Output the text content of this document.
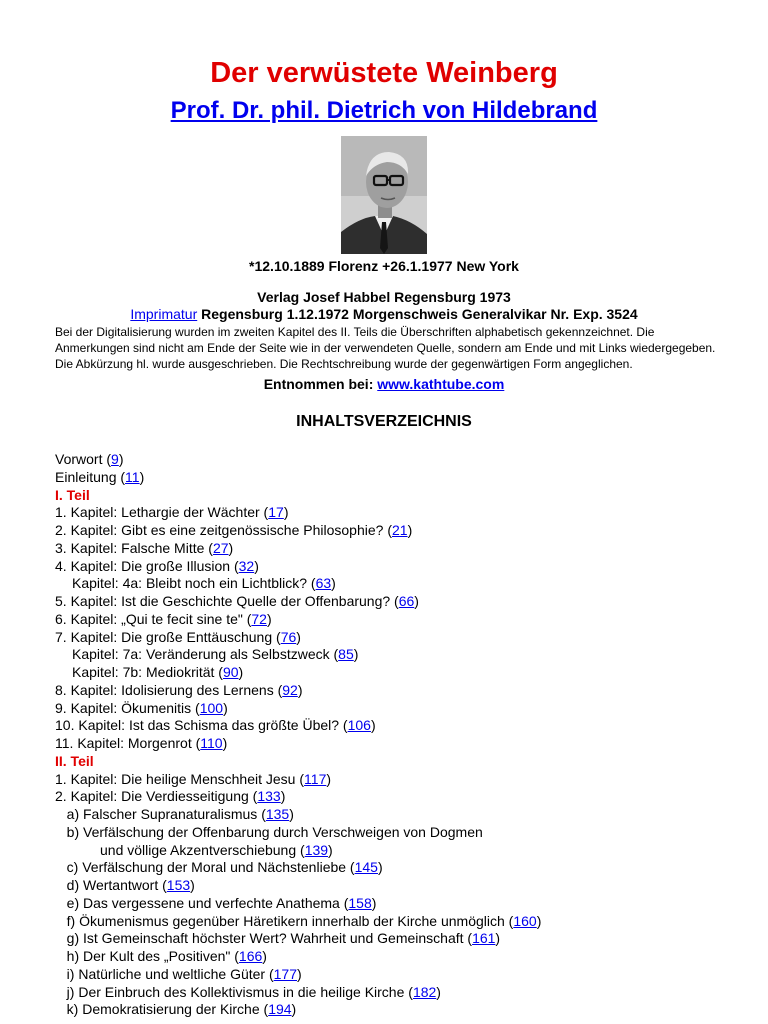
Der verwüstete Weinberg
Prof. Dr. phil. Dietrich von Hildebrand
*12.10.1889 Florenz +26.1.1977 New York
Verlag Josef Habbel Regensburg 1973
Imprimatur Regensburg 1.12.1972 Morgenschweis Generalvikar Nr. Exp. 3524

Bei der Digitalisierung wurden im zweiten Kapitel des II. Teils die Überschriften alphabetisch gekennzeichnet. Die Anmerkungen sind nicht am Ende der Seite wie in der verwendeten Quelle, sondern am Ende und mit Links wiedergegeben. Die Abkürzung hl. wurde ausgeschrieben. Die Rechtschreibung wurde der gegenwärtigen Form angeglichen.

Entnommen bei: www.kathtube.com
INHALTSVERZEICHNIS
Vorwort (9)
Einleitung (11)
I. Teil
1. Kapitel: Lethargie der Wächter (17)
2. Kapitel: Gibt es eine zeitgenössische Philosophie? (21)
3. Kapitel: Falsche Mitte (27)
4. Kapitel: Die große Illusion (32)
Kapitel: 4a: Bleibt noch ein Lichtblick? (63)
5. Kapitel: Ist die Geschichte Quelle der Offenbarung? (66)
6. Kapitel: „Qui te fecit sine te" (72)
7. Kapitel: Die große Enttäuschung (76)
Kapitel: 7a: Veränderung als Selbstzweck (85)
Kapitel: 7b: Mediokrität (90)
8. Kapitel: Idolisierung des Lernens (92)
9. Kapitel: Ökumenitis (100)
10. Kapitel: Ist das Schisma das größte Übel? (106)
11. Kapitel: Morgenrot (110)
II. Teil
1. Kapitel: Die heilige Menschheit Jesu (117)
2. Kapitel: Die Verdiesseitigung (133)
a) Falscher Supranaturalismus (135)
b) Verfälschung der Offenbarung durch Verschweigen von Dogmen
und völlige Akzentverschiebung (139)
c) Verfälschung der Moral und Nächstenliebe (145)
d) Wertantwort (153)
e) Das vergessene und verfechte Anathema (158)
f) Ökumenismus gegenüber Häretikern innerhalb der Kirche unmöglich (160)
g) Ist Gemeinschaft höchster Wert? Wahrheit und Gemeinschaft (161)
h) Der Kult des „Positiven" (166)
i) Natürliche und weltliche Güter (177)
j) Der Einbruch des Kollektivismus in die heilige Kirche (182)
k) Demokratisierung der Kirche (194)
